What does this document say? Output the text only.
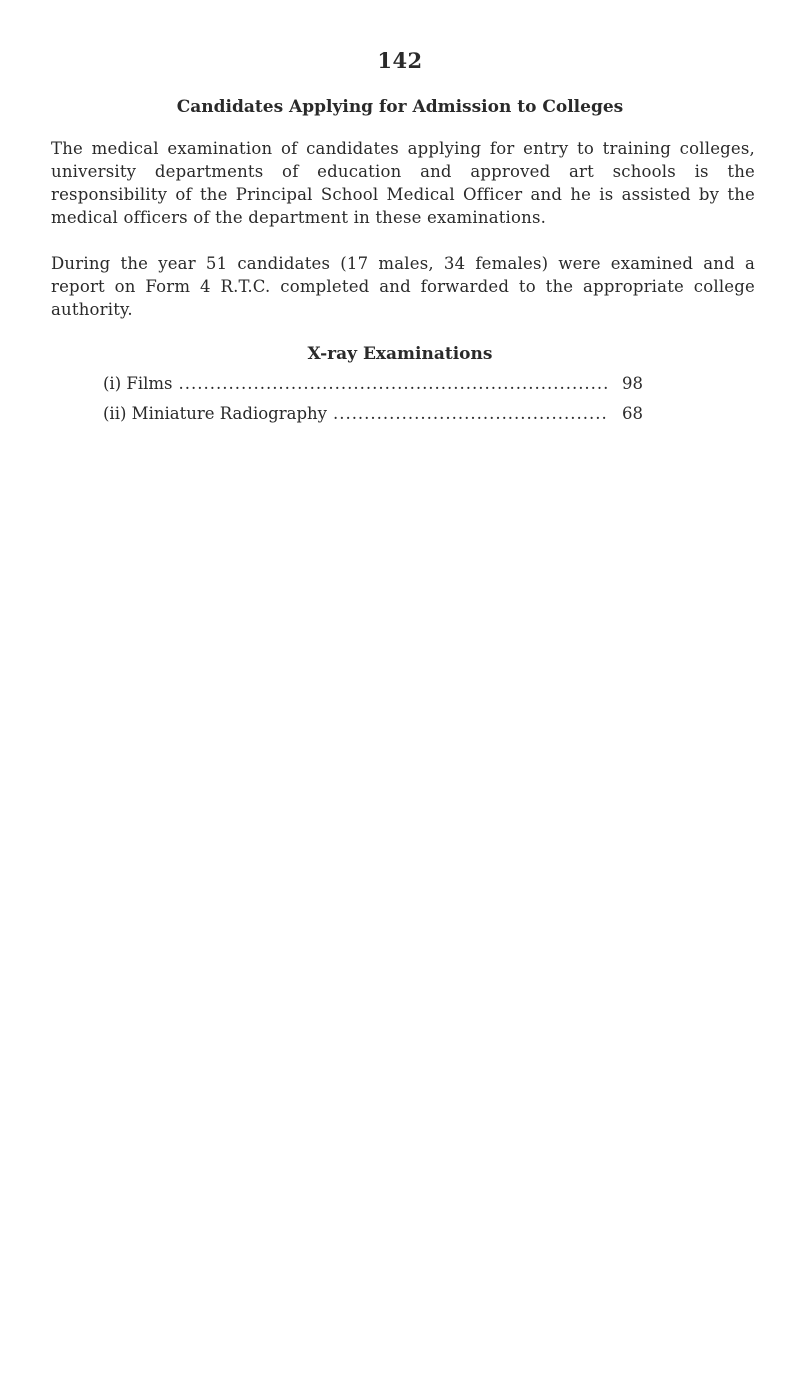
142
Candidates Applying for Admission to Colleges

The medical examination of candidates applying for entry to training colleges, university departments of education and approved art schools is the responsibility of the Principal School Medical Officer and he is assisted by the medical officers of the department in these examinations.

During the year 51 candidates (17 males, 34 females) were examined and a report on Form 4 R.T.C. completed and forwarded to the appropriate college authority.

X-ray Examinations
(i) Films .....	98
(ii) Miniature Radiography .....	68
